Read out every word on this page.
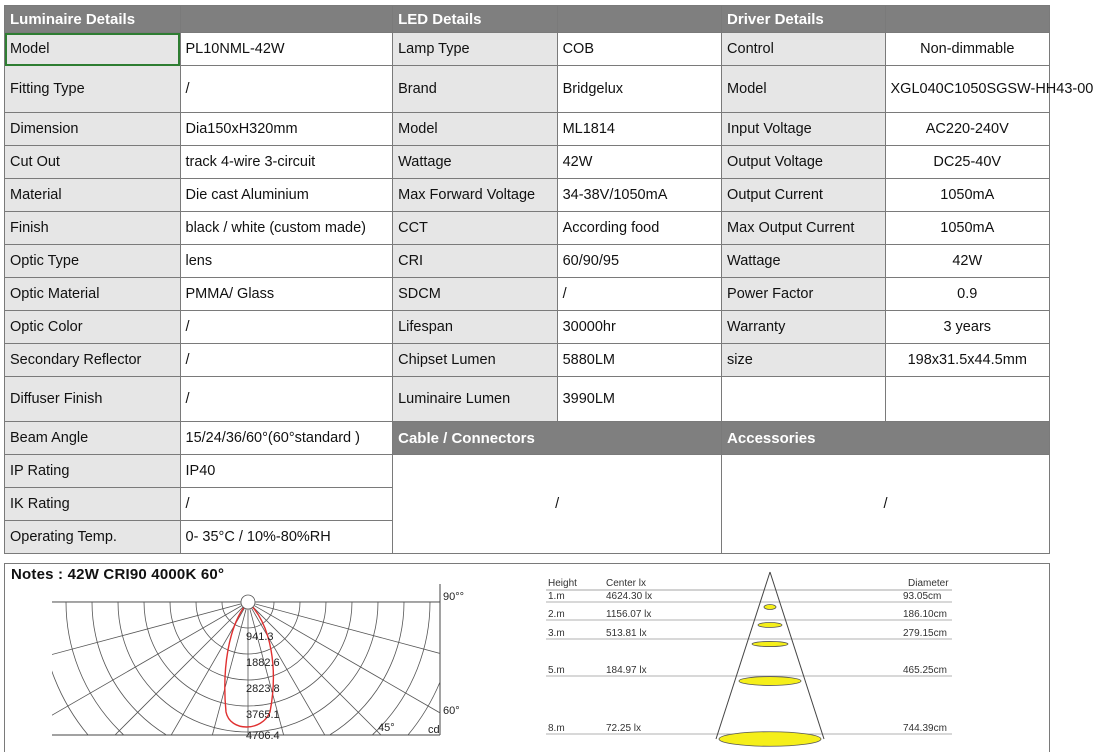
Luminaire Details		LED Details		Driver Details	
Model	PL10NML-42W	Lamp Type	COB	Control	Non-dimmable
Fitting Type	/	Brand	Bridgelux	Model	XGL040C1050SGSW-HH43-00
Dimension	Dia150xH320mm	Model	ML1814	Input Voltage	AC220-240V
Cut Out	track 4-wire 3-circuit	Wattage	42W	Output Voltage	DC25-40V
Material	Die cast Aluminium	Max Forward Voltage	34-38V/1050mA	Output Current	1050mA
Finish	black / white (custom made)	CCT	According food	Max Output Current	1050mA
Optic Type	lens	CRI	60/90/95	Wattage	42W
Optic Material	PMMA/ Glass	SDCM	/	Power Factor	0.9
Optic Color	/	Lifespan	30000hr	Warranty	3 years
Secondary Reflector	/	Chipset Lumen	5880LM	size	198x31.5x44.5mm
Diffuser Finish	/	Luminaire Lumen	3990LM		
Beam Angle	15/24/36/60°(60°standard )	Cable / Connectors		Accessories	
IP Rating	IP40	/		/	
IK Rating	/				
Operating Temp.	0- 35°C / 10%-80%RH				
Notes : 42W CRI90 4000K 60°
941.3
1882.6
2823.8
3765.1
4706.4
90°°
60°
45°	cd
Height	Center lx	Diameter
1.m	4624.30 lx	93.05cm
2.m	1156.07 lx	186.10cm
3.m	513.81 lx	279.15cm
5.m	184.97 lx	465.25cm
8.m	72.25 lx	744.39cm
